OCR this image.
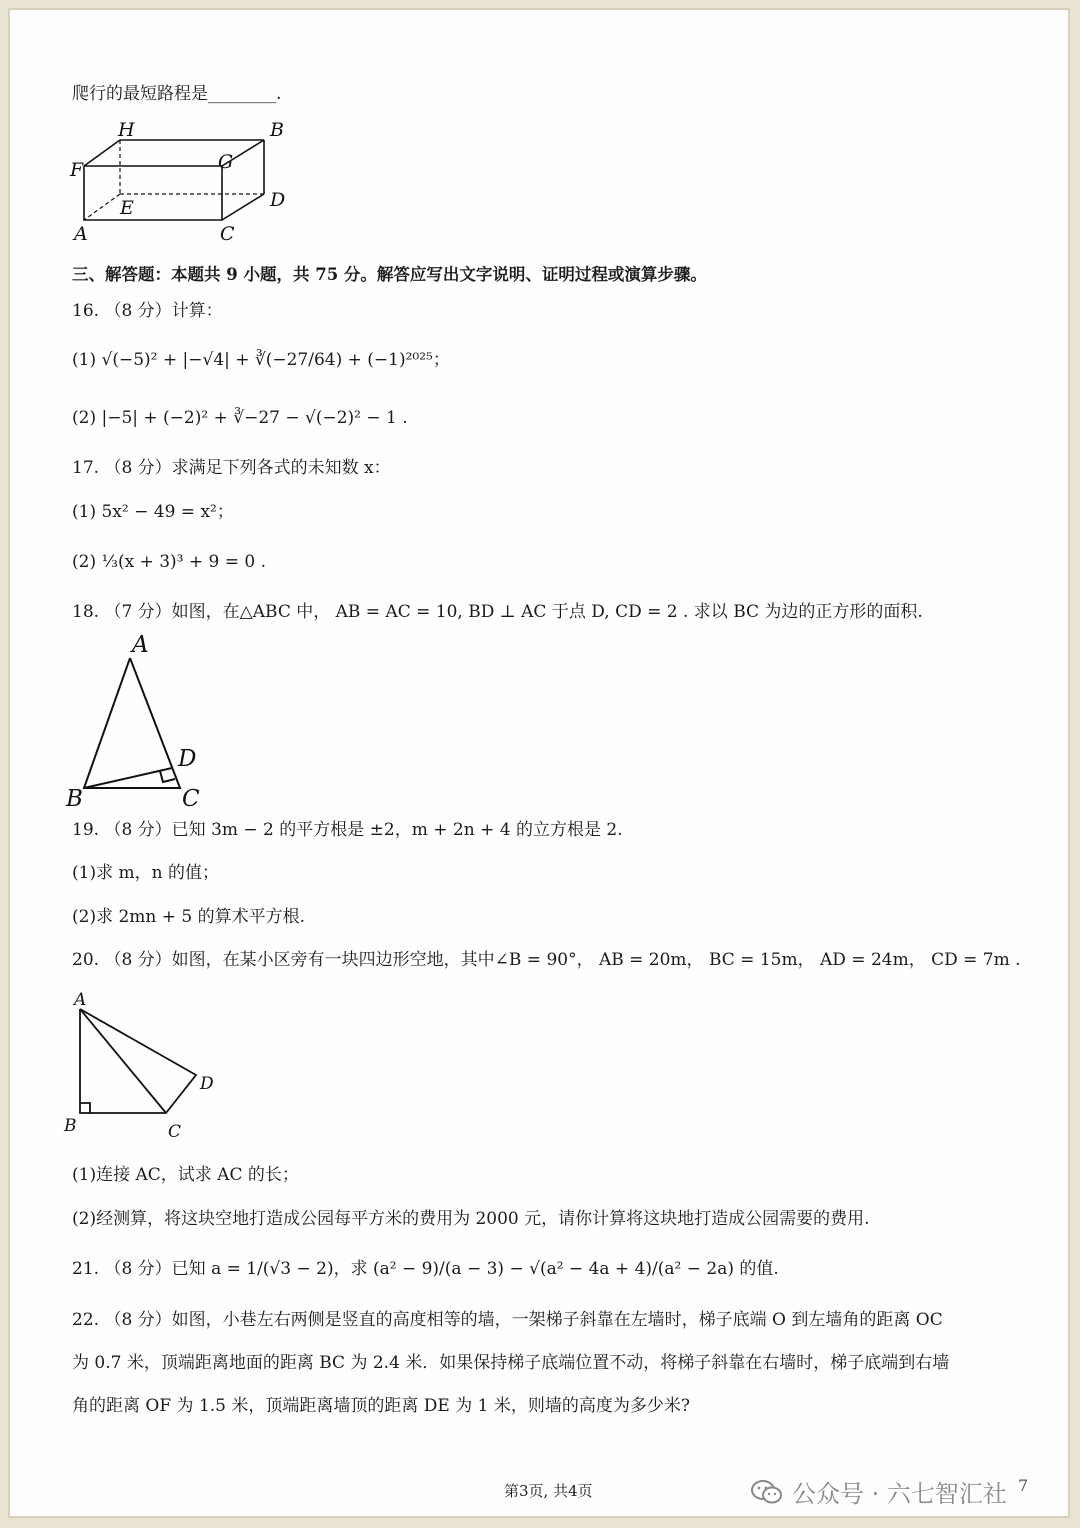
爬行的最短路程是________.
H	B
F	G
D
E
A	C
三、解答题：本题共 9 小题，共 75 分。解答应写出文字说明、证明过程或演算步骤。
16. （8 分）计算：
(1) √(−5)² + |−√4| + ∛(−27/64) + (−1)²⁰²⁵；
(2) |−5| + (−2)² + ∛−27 − √(−2)² − 1 .
17. （8 分）求满足下列各式的未知数 x：
(1) 5x² − 49 = x²；
(2) ⅓(x + 3)³ + 9 = 0 .
18. （7 分）如图，在△ABC 中， AB = AC = 10, BD ⊥ AC 于点 D, CD = 2 . 求以 BC 为边的正方形的面积.
A
D
B	C
19. （8 分）已知 3m − 2 的平方根是 ±2，m + 2n + 4 的立方根是 2.
(1)求 m，n 的值；
(2)求 2mn + 5 的算术平方根.
20. （8 分）如图，在某小区旁有一块四边形空地，其中∠B = 90°， AB = 20m， BC = 15m， AD = 24m， CD = 7m .
A
D
B	C
(1)连接 AC，试求 AC 的长；
(2)经测算，将这块空地打造成公园每平方米的费用为 2000 元，请你计算将这块地打造成公园需要的费用.
21. （8 分）已知 a = 1/(√3 − 2)，求 (a² − 9)/(a − 3) − √(a² − 4a + 4)/(a² − 2a) 的值.
22. （8 分）如图，小巷左右两侧是竖直的高度相等的墙，一架梯子斜靠在左墙时，梯子底端 O 到左墙角的距离 OC
为 0.7 米，顶端距离地面的距离 BC 为 2.4 米．如果保持梯子底端位置不动，将梯子斜靠在右墙时，梯子底端到右墙
角的距离 OF 为 1.5 米，顶端距离墙顶的距离 DE 为 1 米，则墙的高度为多少米?
第3页, 共4页	公众号 · 六七智汇社 7
